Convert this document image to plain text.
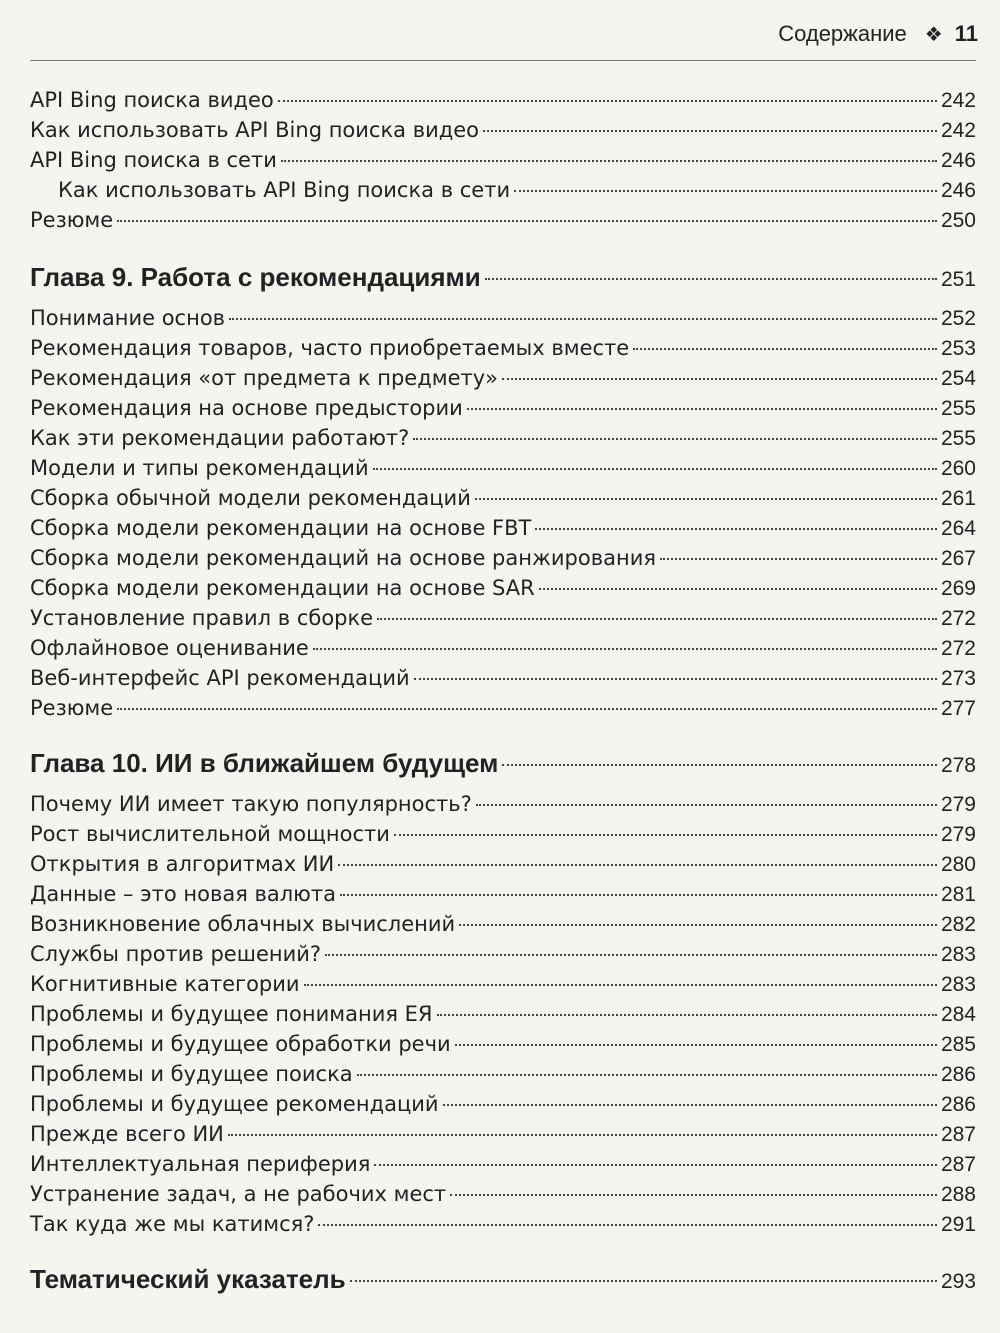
Содержание ❖ 11
API Bing поиска видео	242
Как использовать API Bing поиска видео	242
API Bing поиска в сети	246
Как использовать API Bing поиска в сети	246
Резюме	250
Глава 9. Работа с рекомендациями	251
Понимание основ	252
Рекомендация товаров, часто приобретаемых вместе	253
Рекомендация «от предмета к предмету»	254
Рекомендация на основе предыстории	255
Как эти рекомендации работают?	255
Модели и типы рекомендаций	260
Сборка обычной модели рекомендаций	261
Сборка модели рекомендации на основе FBT	264
Сборка модели рекомендаций на основе ранжирования	267
Сборка модели рекомендации на основе SAR	269
Установление правил в сборке	272
Офлайновое оценивание	272
Веб-интерфейс API рекомендаций	273
Резюме	277
Глава 10. ИИ в ближайшем будущем	278
Почему ИИ имеет такую популярность?	279
Рост вычислительной мощности	279
Открытия в алгоритмах ИИ	280
Данные – это новая валюта	281
Возникновение облачных вычислений	282
Службы против решений?	283
Когнитивные категории	283
Проблемы и будущее понимания ЕЯ	284
Проблемы и будущее обработки речи	285
Проблемы и будущее поиска	286
Проблемы и будущее рекомендаций	286
Прежде всего ИИ	287
Интеллектуальная периферия	287
Устранение задач, а не рабочих мест	288
Так куда же мы катимся?	291
Тематический указатель	293
